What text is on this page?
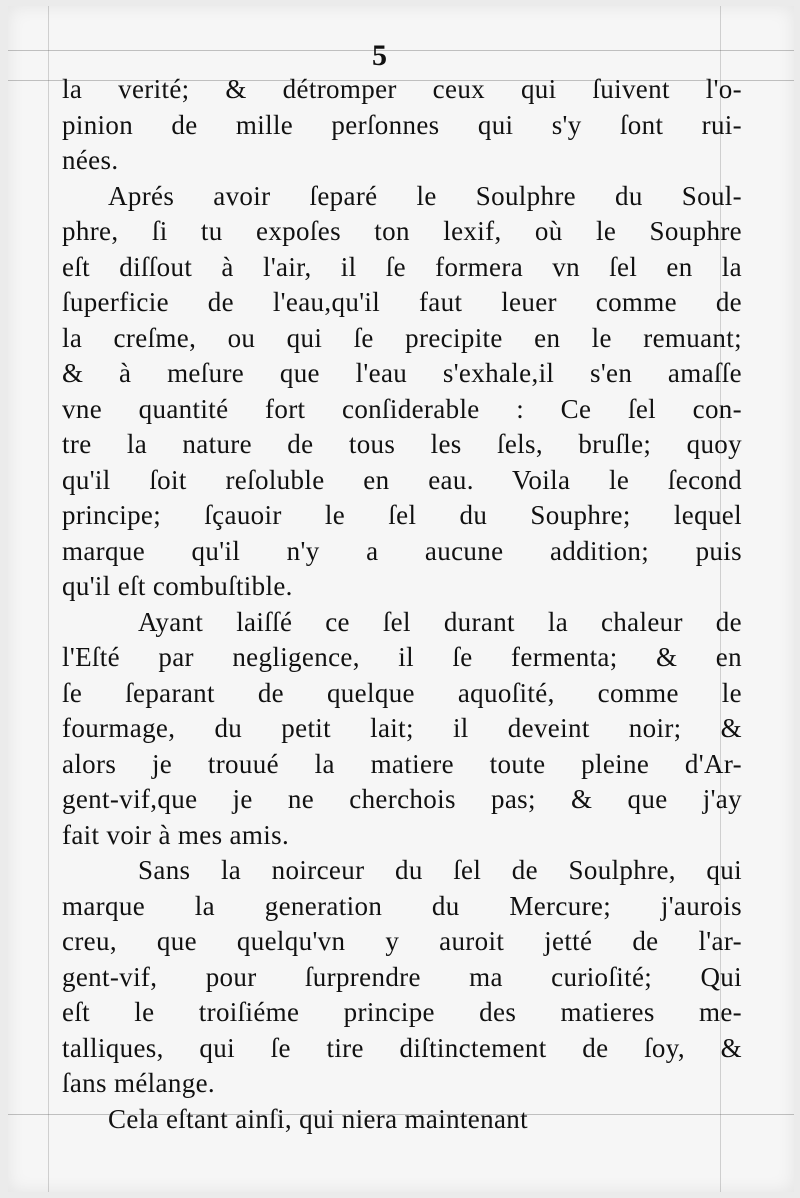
5
la verité; & détromper ceux qui ſuivent l'o-
pinion de mille perſonnes qui s'y ſont rui-
nées.
Aprés avoir ſeparé le Soulphre du Soul-
phre, ſi tu expoſes ton lexif, où le Souphre
eſt diſſout à l'air, il ſe formera vn ſel en la
ſuperficie de l'eau,qu'il faut leuer comme de
la creſme, ou qui ſe precipite en le remuant;
& à meſure que l'eau s'exhale,il s'en amaſſe
vne quantité fort conſiderable : Ce ſel con-
tre la nature de tous les ſels, bruſle; quoy
qu'il ſoit reſoluble en eau. Voila le ſecond
principe; ſçauoir le ſel du Souphre; lequel
marque qu'il n'y a aucune addition; puis
qu'il eſt combuſtible.
Ayant laiſſé ce ſel durant la chaleur de
l'Eſté par negligence, il ſe fermenta; & en
ſe ſeparant de quelque aquoſité, comme le
fourmage, du petit lait; il deveint noir; &
alors je trouué la matiere toute pleine d'Ar-
gent-vif,que je ne cherchois pas; & que j'ay
fait voir à mes amis.
Sans la noirceur du ſel de Soulphre, qui
marque la generation du Mercure; j'aurois
creu, que quelqu'vn y auroit jetté de l'ar-
gent-vif, pour ſurprendre ma curioſité; Qui
eſt le troiſiéme principe des matieres me-
talliques, qui ſe tire diſtinctement de ſoy, &
ſans mélange.
Cela eſtant ainſi, qui niera maintenant
